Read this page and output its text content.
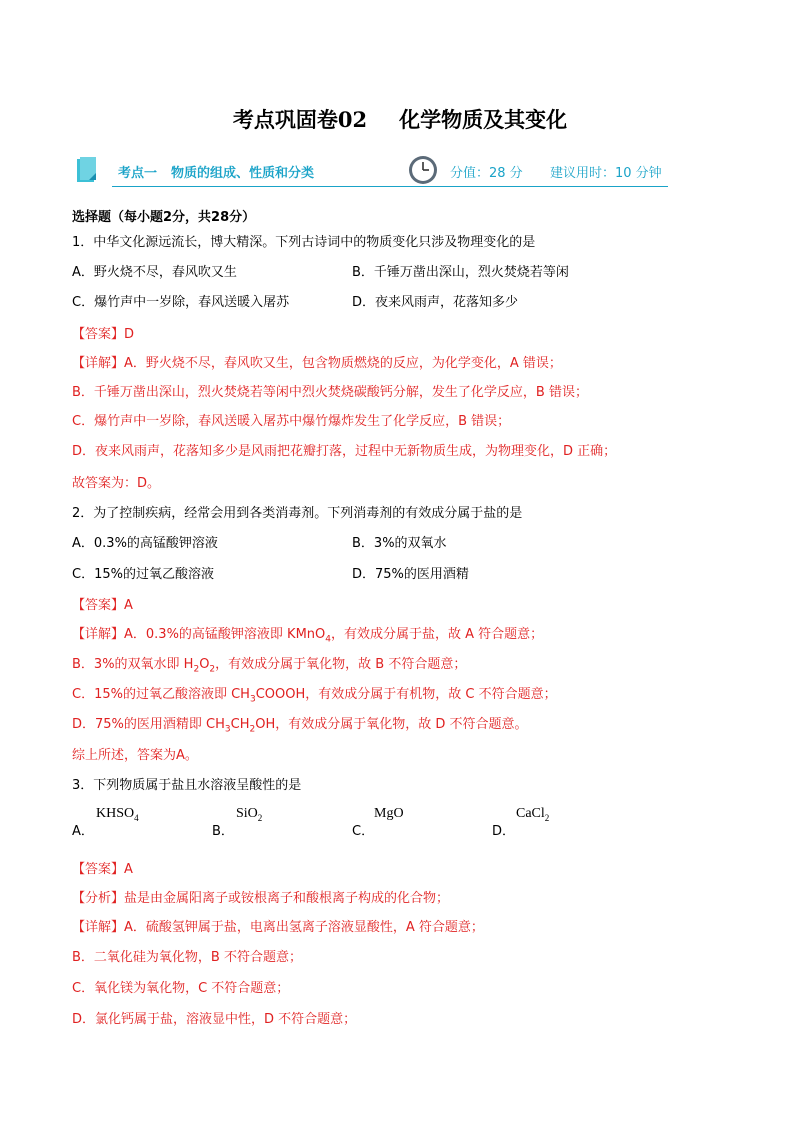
考点巩固卷02 化学物质及其变化
考点一 物质的组成、性质和分类	分值：28 分 建议用时：10 分钟
选择题（每小题2分，共28分）
1．中华文化源远流长，博大精深。下列古诗词中的物质变化只涉及物理变化的是
A．野火烧不尽，春风吹又生	B．千锤万凿出深山，烈火焚烧若等闲
C．爆竹声中一岁除，春风送暖入屠苏	D．夜来风雨声，花落知多少
【答案】D
【详解】A．野火烧不尽，春风吹又生，包含物质燃烧的反应，为化学变化，A 错误；
B．千锤万凿出深山，烈火焚烧若等闲中烈火焚烧碳酸钙分解，发生了化学反应，B 错误；
C．爆竹声中一岁除，春风送暖入屠苏中爆竹爆炸发生了化学反应，B 错误；
D．夜来风雨声，花落知多少是风雨把花瓣打落，过程中无新物质生成，为物理变化，D 正确；
故答案为：D。
2．为了控制疾病，经常会用到各类消毒剂。下列消毒剂的有效成分属于盐的是
A．0.3%的高锰酸钾溶液	B．3%的双氧水
C．15%的过氧乙酸溶液	D．75%的医用酒精
【答案】A
【详解】A．0.3%的高锰酸钾溶液即 KMnO$_4$，有效成分属于盐，故 A 符合题意；
B．3%的双氧水即 $H_2O_2$，有效成分属于氧化物，故 B 不符合题意；
C．15%的过氧乙酸溶液即 $CH_3COOOH$，有效成分属于有机物，故 C 不符合题意；
D．75%的医用酒精即 $CH_3CH_2OH$，有效成分属于氧化物，故 D 不符合题意。
综上所述，答案为A。
3．下列物质属于盐且水溶液呈酸性的是
A．
$KHSO_4$
B．
SiO$_2$
C．
MgO
D．
CaCl$_2$
【答案】A
【分析】盐是由金属阳离子或铵根离子和酸根离子构成的化合物；
【详解】A．硫酸氢钾属于盐，电离出氢离子溶液显酸性，A 符合题意；
B．二氧化硅为氧化物，B 不符合题意；
C．氧化镁为氧化物，C 不符合题意；
D．氯化钙属于盐，溶液显中性，D 不符合题意；
